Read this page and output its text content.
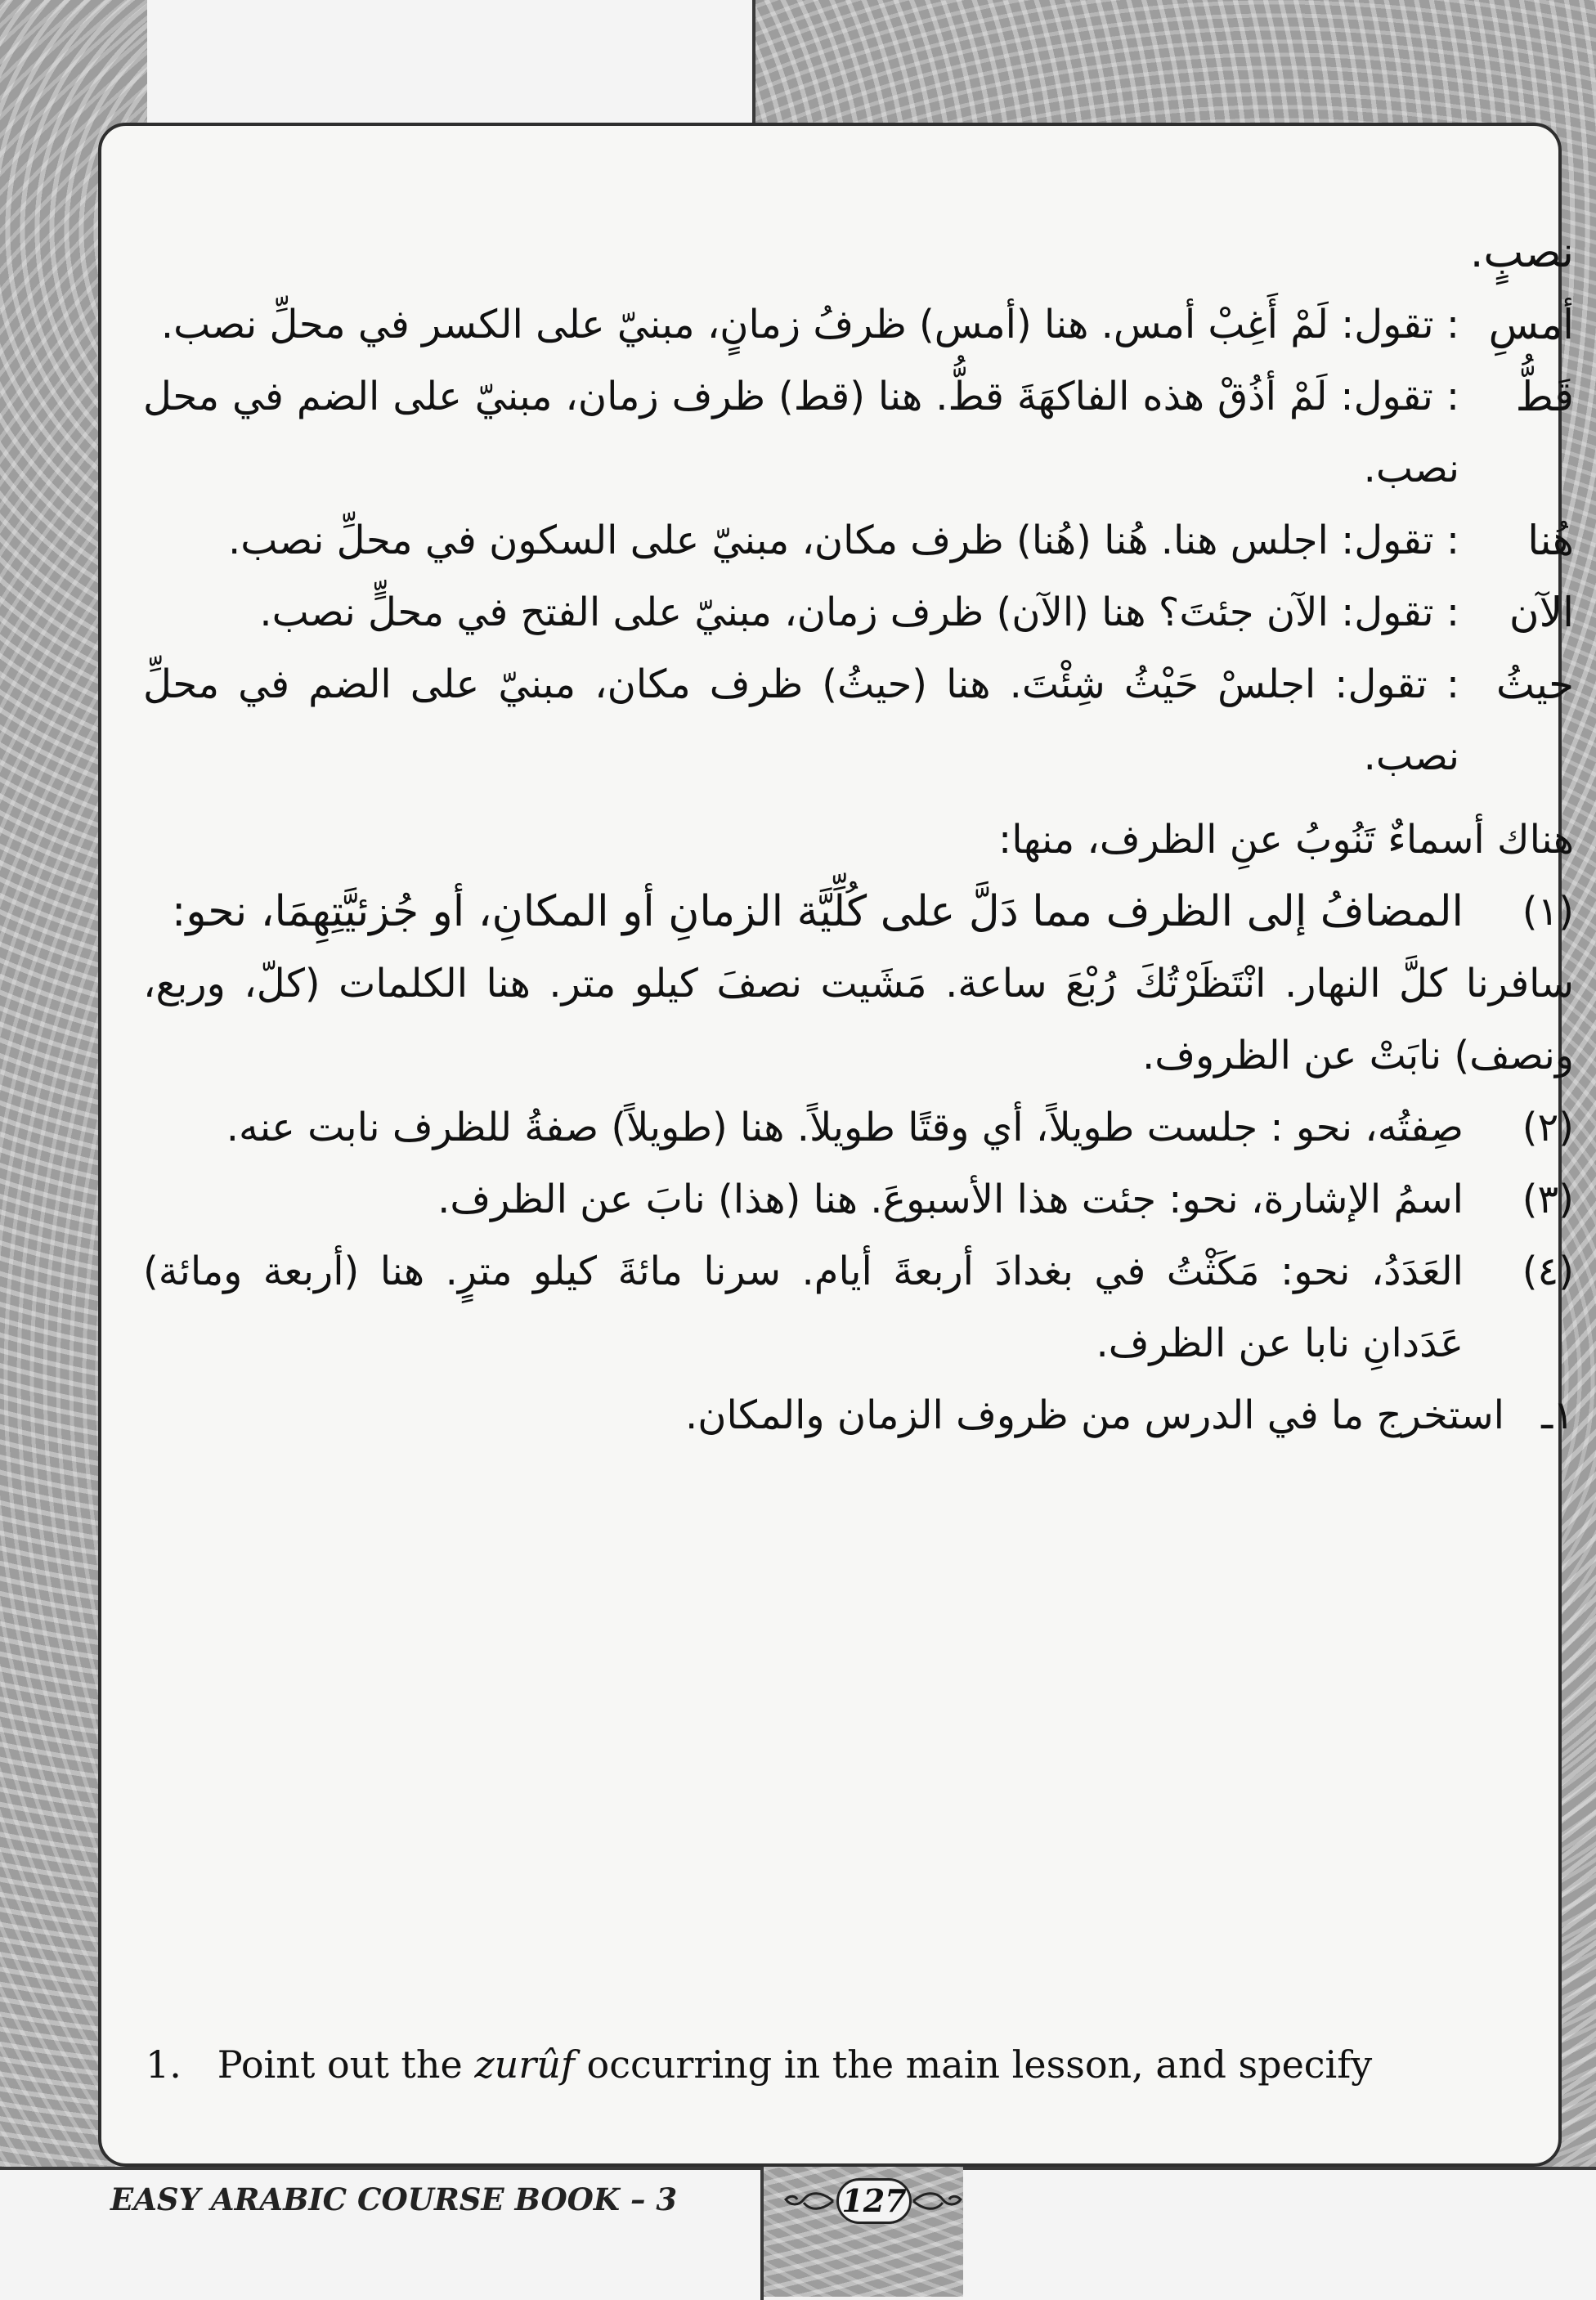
نصبٍ.

أمسِ
: تقول: لَمْ أَغِبْ أمس. هنا (أمس) ظرفُ زمانٍ، مبنيّ على الكسر في محلِّ نصب.
قَطُّ
: تقول: لَمْ أذُقْ هذه الفاكهَةَ قطُّ. هنا (قط) ظرف زمان، مبنيّ على الضم في محل نصب.
هُنا
: تقول: اجلس هنا. هُنا (هُنا) ظرف مكان، مبنيّ على السكون في محلِّ نصب.
الآن
: تقول: الآن جئتَ؟ هنا (الآن) ظرف زمان، مبنيّ على الفتح في محلٍّ نصب.
حيثُ
: تقول: اجلسْ حَيْثُ شِئْتَ. هنا (حيثُ) ظرف مكان، مبنيّ على الضم في محلِّ نصب.

هناك أسماءٌ تَنُوبُ عنِ الظرف، منها:

(١)
المضافُ إلى الظرف مما دَلَّ على كُلِّيَّة الزمانِ أو المكانِ، أو جُزئيَّتِهِمَا، نحو:

سافرنا كلَّ النهار. انْتَظَرْتُكَ رُبْعَ ساعة. مَشَيت نصفَ كيلو متر. هنا الكلمات (كلّ، وربع، ونصف) نابَتْ عن الظروف.

(٢)
صِفتُه، نحو : جلست طويلاً، أي وقتًا طويلاً. هنا (طويلاً) صفةُ للظرف نابت عنه.
(٣)
اسمُ الإشارة، نحو: جئت هذا الأسبوعَ. هنا (هذا) نابَ عن الظرف.
(٤)
العَدَدُ، نحو: مَكَثْتُ في بغدادَ أربعةَ أيام. سرنا مائةَ كيلو مترٍ. هنا (أربعة ومائة) عَدَدانِ نابا عن الظرف.
١ـ
استخرج ما في الدرس من ظروف الزمان والمكان.
1. Point out the zurûf occurring in the main lesson, and specify
EASY ARABIC COURSE BOOK – 3	127
